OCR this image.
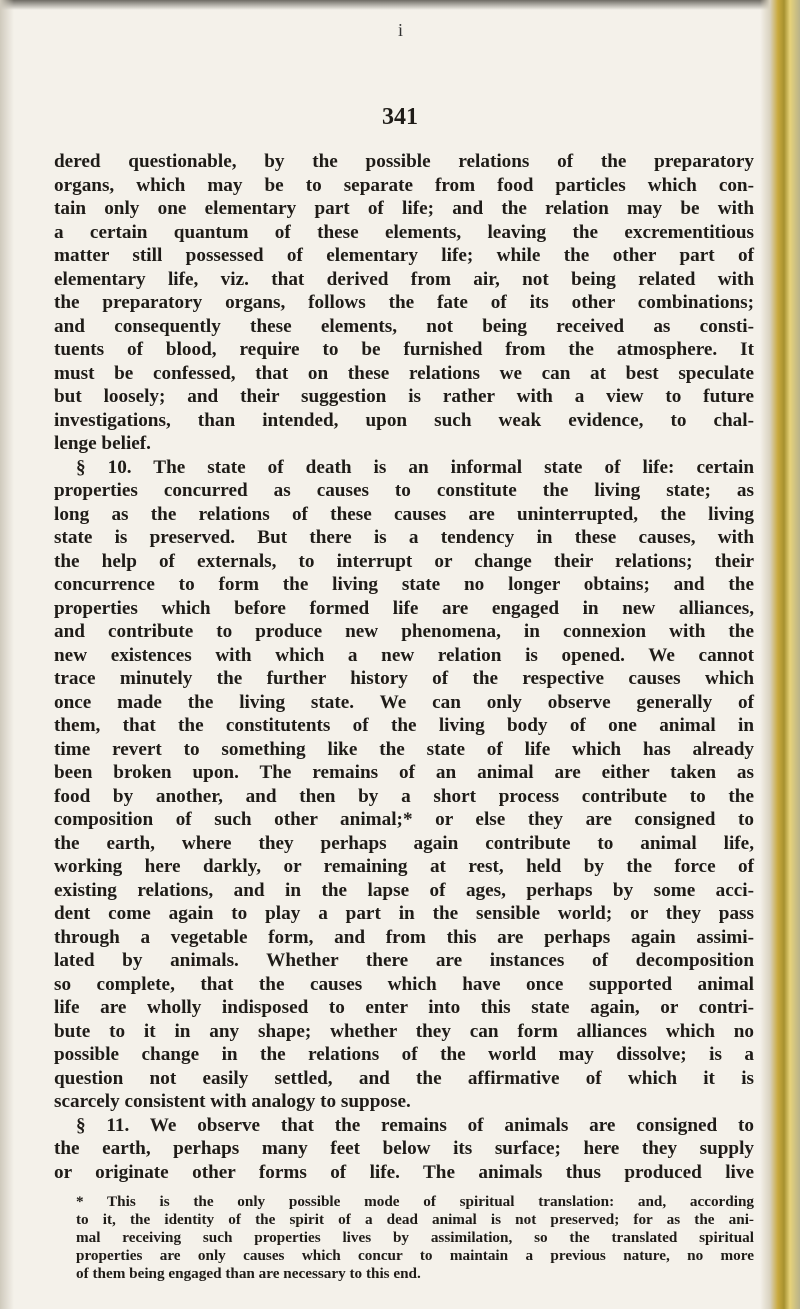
i
341
dered questionable, by the possible relations of the preparatory
organs, which may be to separate from food particles which con-
tain only one elementary part of life; and the relation may be with
a certain quantum of these elements, leaving the excrementitious
matter still possessed of elementary life; while the other part of
elementary life, viz. that derived from air, not being related with
the preparatory organs, follows the fate of its other combinations;
and consequently these elements, not being received as consti-
tuents of blood, require to be furnished from the atmosphere. It
must be confessed, that on these relations we can at best speculate
but loosely; and their suggestion is rather with a view to future
investigations, than intended, upon such weak evidence, to chal-
lenge belief.
§ 10. The state of death is an informal state of life: certain
properties concurred as causes to constitute the living state; as
long as the relations of these causes are uninterrupted, the living
state is preserved. But there is a tendency in these causes, with
the help of externals, to interrupt or change their relations; their
concurrence to form the living state no longer obtains; and the
properties which before formed life are engaged in new alliances,
and contribute to produce new phenomena, in connexion with the
new existences with which a new relation is opened. We cannot
trace minutely the further history of the respective causes which
once made the living state. We can only observe generally of
them, that the constitutents of the living body of one animal in
time revert to something like the state of life which has already
been broken upon. The remains of an animal are either taken as
food by another, and then by a short process contribute to the
composition of such other animal;* or else they are consigned to
the earth, where they perhaps again contribute to animal life,
working here darkly, or remaining at rest, held by the force of
existing relations, and in the lapse of ages, perhaps by some acci-
dent come again to play a part in the sensible world; or they pass
through a vegetable form, and from this are perhaps again assimi-
lated by animals. Whether there are instances of decomposition
so complete, that the causes which have once supported animal
life are wholly indisposed to enter into this state again, or contri-
bute to it in any shape; whether they can form alliances which no
possible change in the relations of the world may dissolve; is a
question not easily settled, and the affirmative of which it is
scarcely consistent with analogy to suppose.
§ 11. We observe that the remains of animals are consigned to
the earth, perhaps many feet below its surface; here they supply
or originate other forms of life. The animals thus produced live
* This is the only possible mode of spiritual translation: and, according
to it, the identity of the spirit of a dead animal is not preserved; for as the ani-
mal receiving such properties lives by assimilation, so the translated spiritual
properties are only causes which concur to maintain a previous nature, no more
of them being engaged than are necessary to this end.
